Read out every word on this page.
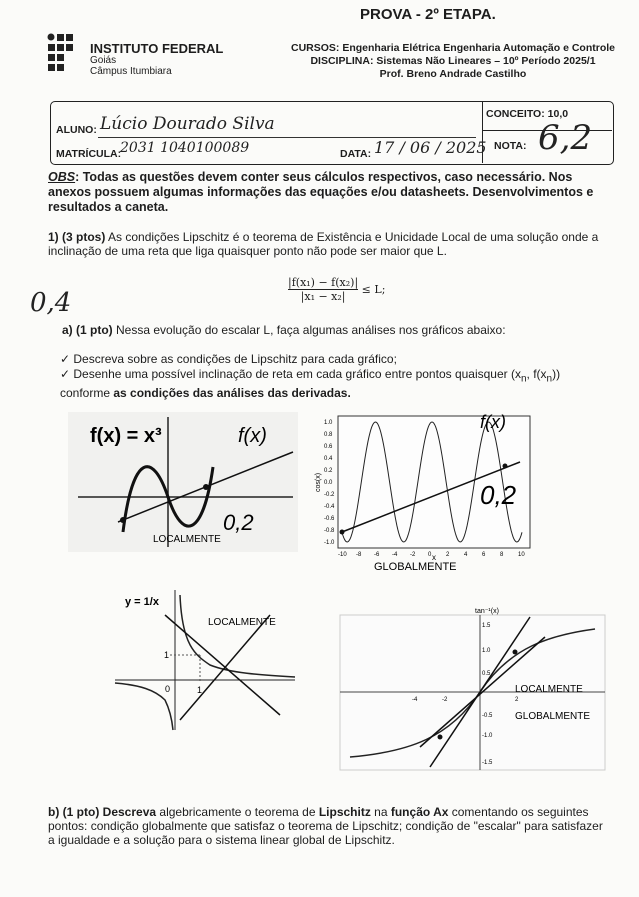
PROVA - 2º ETAPA.
INSTITUTO FEDERAL
Goiás
Câmpus Itumbiara
CURSOS: Engenharia Elétrica Engenharia Automação e Controle
DISCIPLINA: Sistemas Não Lineares – 10º Período 2025/1
Prof. Breno Andrade Castilho
CONCEITO: 10,0
NOTA: 6,2
ALUNO: Lúcio Dourado Silva
MATRÍCULA:
2031 1040100089	DATA: 17 / 06 / 2025
OBS: Todas as questões devem conter seus cálculos respectivos, caso necessário. Nos anexos possuem algumas informações das equações e/ou datasheets. Desenvolvimentos e resultados a caneta.
1) (3 ptos) As condições Lipschitz é o teorema de Existência e Unicidade Local de uma solução onde a inclinação de uma reta que liga quaisquer ponto não pode ser maior que L.
$\frac{\text{|f(x₁) − f(x₂)|}}{\text{|x₁ − x₂|}} \le L$;
0,4
a) (1 pto) Nessa evolução do escalar L, faça algumas análises nos gráficos abaixo:
✓ Descreva sobre as condições de Lipschitz para cada gráfico;
✓ Desenhe uma possível inclinação de reta em cada gráfico entre pontos quaisquer ($x_n$, $f(x_n)$) conforme as condições das análises das derivadas.
f(x) = x³
LOCALMENTE
0,2
f(x)
1.0
0.8
0.6
0.4
0.2
0.0
-0.2
-0.4
-0.6
-0.8
-1.0
-10 -8 -6 -4 -2 0 2 4 6 8 10
cos(x)
x
GLOBALMENTE
0,2
f(x)
y = 1/x
LOCALMENTE
1
0	1
1.5
1.0
0.5
-0.5
-1.0
-1.5
-4	-2	2
tan⁻¹(x)
LOCALMENTE
GLOBALMENTE
b) (1 pto) Descreva algebricamente o teorema de Lipschitz na função Ax comentando os seguintes pontos: condição globalmente que satisfaz o teorema de Lipschitz; condição de "escalar" para satisfazer a igualdade e a solução para o sistema linear global de Lipschitz.
